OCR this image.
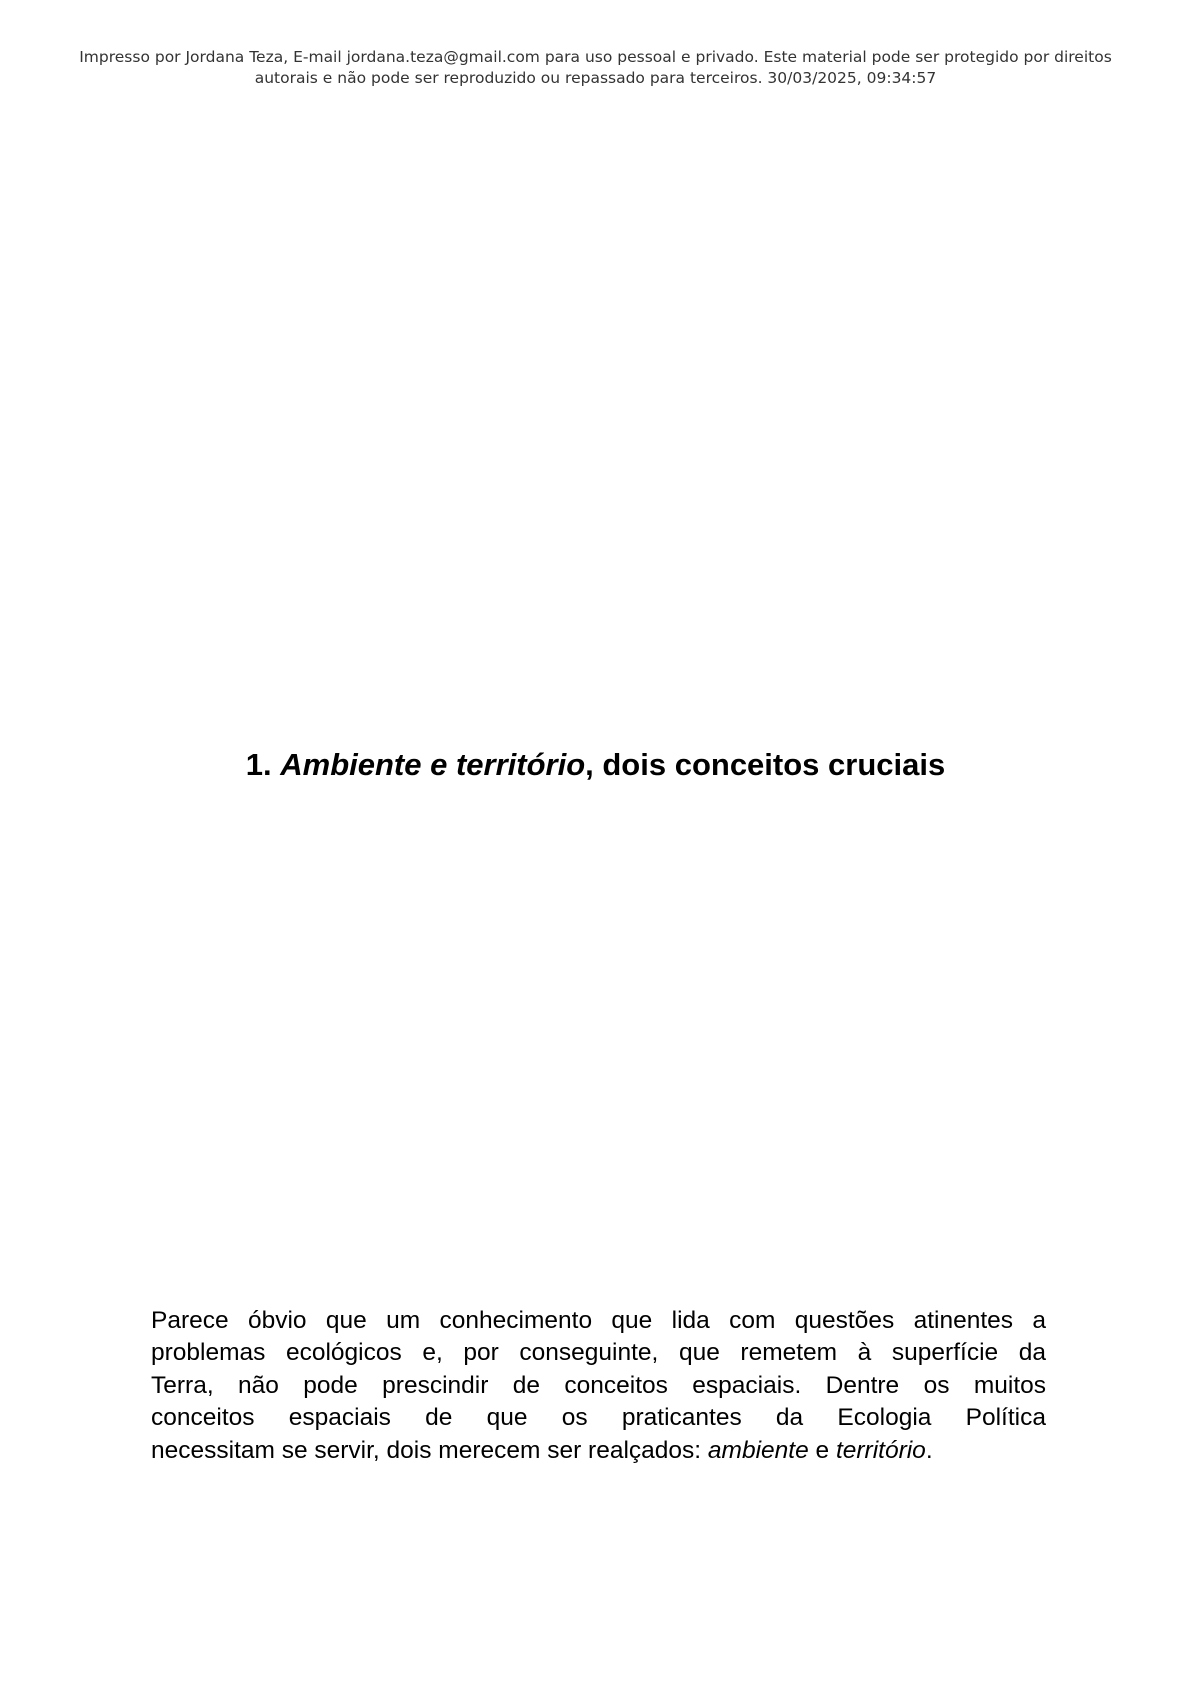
Impresso por Jordana Teza, E-mail jordana.teza@gmail.com para uso pessoal e privado. Este material pode ser protegido por direitos
autorais e não pode ser reproduzido ou repassado para terceiros. 30/03/2025, 09:34:57
1. Ambiente e território, dois conceitos cruciais

Parece óbvio que um conhecimento que lida com questões atinentes a
problemas ecológicos e, por conseguinte, que remetem à superfície da
Terra, não pode prescindir de conceitos espaciais. Dentre os muitos
conceitos espaciais de que os praticantes da Ecologia Política
necessitam se servir, dois merecem ser realçados: ambiente e território.
